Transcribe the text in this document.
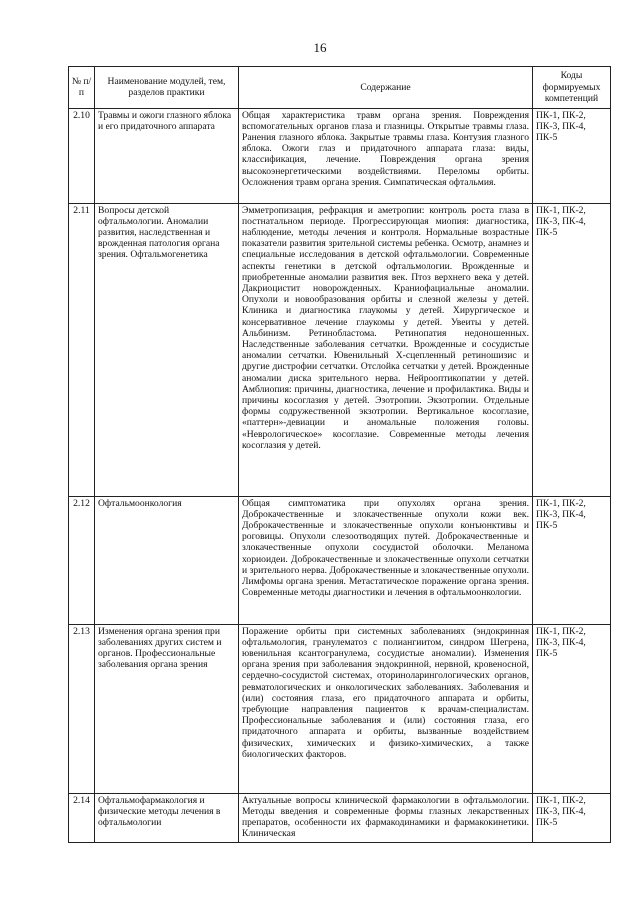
16
№ п/п	Наименование модулей, тем, разделов практики	Содержание	Коды формируемых компетенций
2.10	Травмы и ожоги глазного яблока и его придаточного аппарата	Общая характеристика травм органа зрения. Повреждения вспомогательных органов глаза и глазницы. Открытые травмы глаза. Ранения глазного яблока. Закрытые травмы глаза. Контузия глазного яблока. Ожоги глаз и придаточного аппарата глаза: виды, классификация, лечение. Повреждения органа зрения высокоэнергетическими воздействиями. Переломы орбиты. Осложнения травм органа зрения. Симпатическая офтальмия.	ПК-1, ПК-2, ПК-3, ПК-4, ПК-5
2.11	Вопросы детской офтальмологии. Аномалии развития, наследственная и врожденная патология органа зрения. Офтальмогенетика	Эмметропизация, рефракция и аметропии: контроль роста глаза в постнатальном периоде. Прогрессирующая миопия: диагностика, наблюдение, методы лечения и контроля. Нормальные возрастные показатели развития зрительной системы ребенка. Осмотр, анамнез и специальные исследования в детской офтальмологии. Современные аспекты генетики в детской офтальмологии. Врожденные и приобретенные аномалии развития век. Птоз верхнего века у детей. Дакриоцистит новорожденных. Краниофациальные аномалии. Опухоли и новообразования орбиты и слезной железы у детей. Клиника и диагностика глаукомы у детей. Хирургическое и консервативное лечение глаукомы у детей. Увеиты у детей. Альбинизм. Ретинобластома. Ретинопатия недоношенных. Наследственные заболевания сетчатки. Врожденные и сосудистые аномалии сетчатки. Ювенильный Х-сцепленный ретиношизис и другие дистрофии сетчатки. Отслойка сетчатки у детей. Врожденные аномалии диска зрительного нерва. Нейрооптикопатии у детей. Амблиопия: причины, диагностика, лечение и профилактика. Виды и причины косоглазия у детей. Эзотропии. Экзотропии. Отдельные формы содружественной экзотропии. Вертикальное косоглазие, «паттерн»-девиации и аномальные положения головы. «Неврологическое» косоглазие. Современные методы лечения косоглазия у детей.	ПК-1, ПК-2, ПК-3, ПК-4, ПК-5
2.12	Офтальмоонкология	Общая симптоматика при опухолях органа зрения. Доброкачественные и злокачественные опухоли кожи век. Доброкачественные и злокачественные опухоли конъюнктивы и роговицы. Опухоли слезоотводящих путей. Доброкачественные и злокачественные опухоли сосудистой оболочки. Меланома хориоидеи. Доброкачественные и злокачественные опухоли сетчатки и зрительного нерва. Доброкачественные и злокачественные опухоли. Лимфомы органа зрения. Метастатическое поражение органа зрения. Современные методы диагностики и лечения в офтальмоонкологии.	ПК-1, ПК-2, ПК-3, ПК-4, ПК-5
2.13	Изменения органа зрения при заболеваниях других систем и органов. Профессиональные заболевания органа зрения	Поражение орбиты при системных заболеваниях (эндокринная офтальмология, гранулематоз с полиангиитом, синдром Шегрена, ювенильная ксантогранулема, сосудистые аномалии). Изменения органа зрения при заболевания эндокринной, нервной, кровеносной, сердечно-сосудистой системах, оториноларингологических органов, ревматологических и онкологических заболеваниях. Заболевания и (или) состояния глаза, его придаточного аппарата и орбиты, требующие направления пациентов к врачам-специалистам. Профессиональные заболевания и (или) состояния глаза, его придаточного аппарата и орбиты, вызванные воздействием физических, химических и физико-химических, а также биологических факторов.	ПК-1, ПК-2, ПК-3, ПК-4, ПК-5
2.14	Офтальмофармакология и физические методы лечения в офтальмологии	Актуальные вопросы клинической фармакологии в офтальмологии. Методы введения и современные формы глазных лекарственных препаратов, особенности их фармакодинамики и фармакокинетики. Клиническая	ПК-1, ПК-2, ПК-3, ПК-4, ПК-5
